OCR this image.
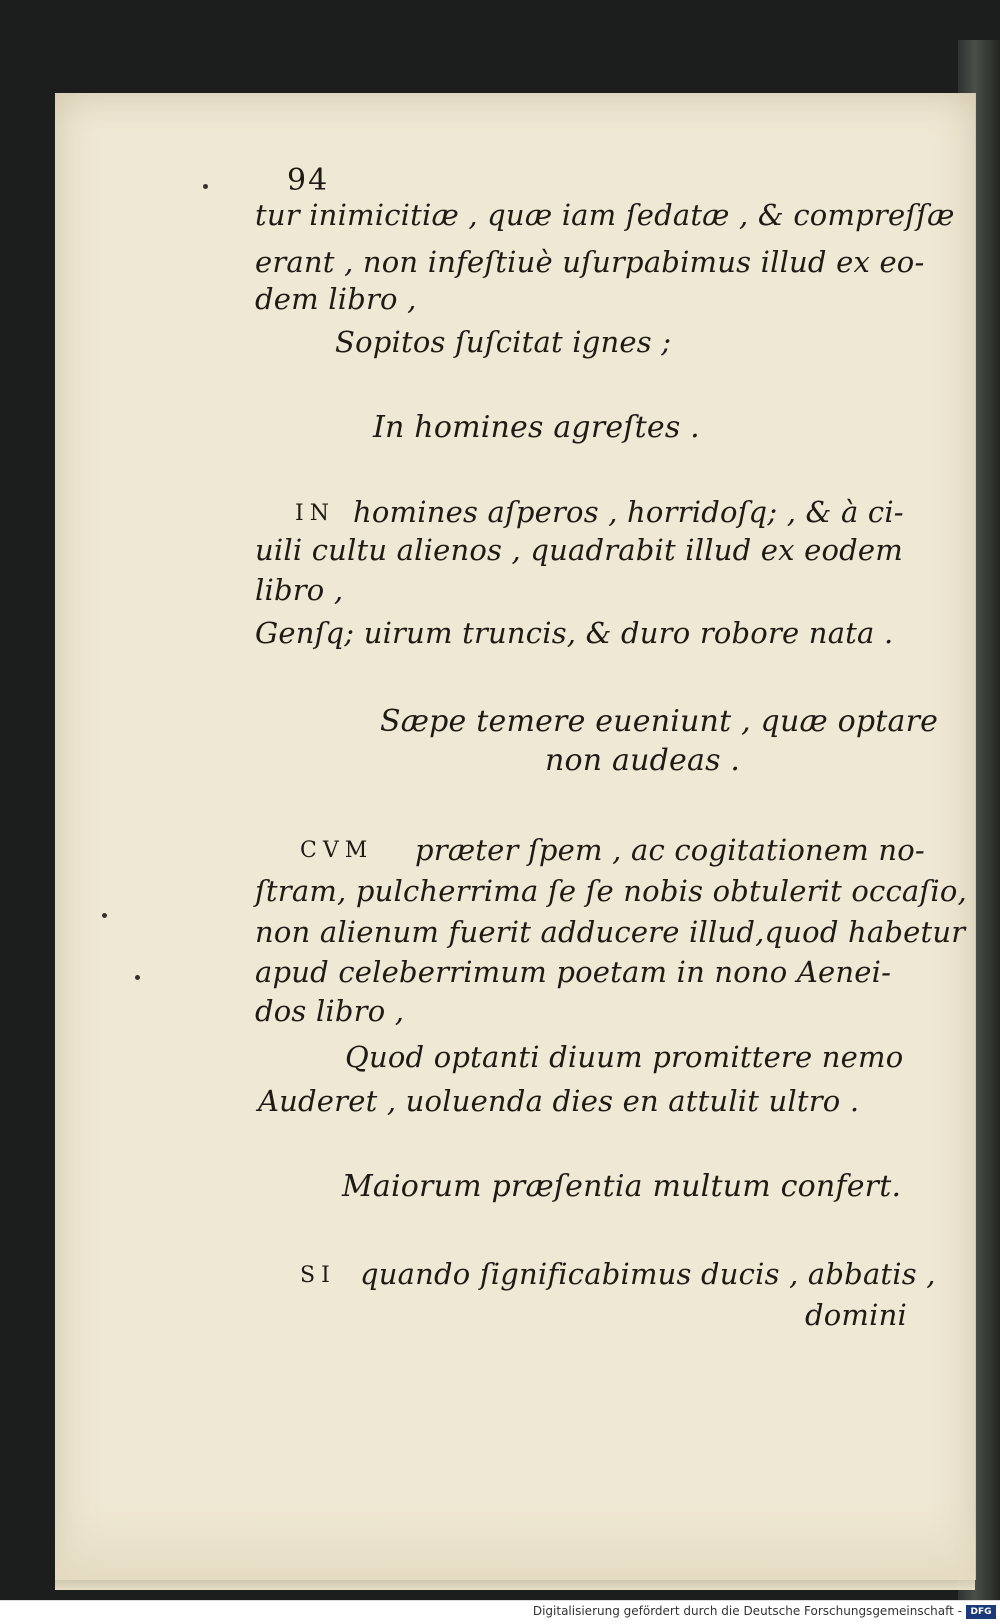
94
tur inimicitiæ , quæ iam ſedatæ , & compreſſæ
erant , non infeſtiuè uſurpabimus illud ex eo-
dem libro ,
Sopitos ſuſcitat ignes ;
In homines agreſtes .
IN homines aſperos , horridoſq; , & à ci-
uili cultu alienos , quadrabit illud ex eodem
libro ,
Genſq; uirum truncis, & duro robore nata .
Sæpe temere eueniunt , quæ optare
non audeas .
CVM præter ſpem , ac cogitationem no-
ſtram, pulcherrima ſe ſe nobis obtulerit occaſio,
non alienum fuerit adducere illud,quod habetur
apud celeberrimum poetam in nono Aenei-
dos libro ,
Quod optanti diuum promittere nemo
Auderet , uoluenda dies en attulit ultro .
Maiorum præſentia multum confert.
SI quando ſignificabimus ducis , abbatis ,
domini
Digitalisierung gefördert durch die Deutsche Forschungsgemeinschaft - DFG
